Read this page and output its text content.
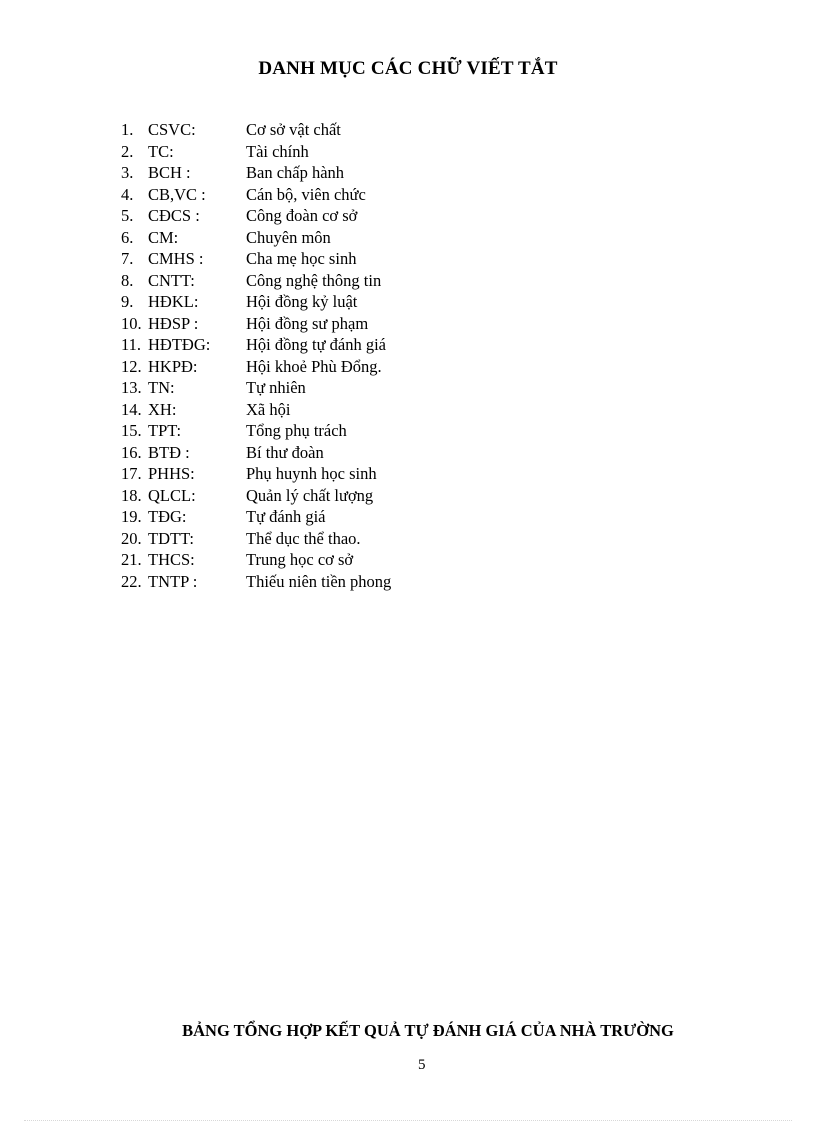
DANH MỤC CÁC CHỮ VIẾT TẮT
1. CSVC:	Cơ sở vật chất
2. TC:	Tài chính
3. BCH :	Ban chấp hành
4. CB,VC : Cán bộ, viên chức
5. CĐCS :	Công đoàn cơ sở
6. CM:	Chuyên môn
7. CMHS :	Cha mẹ học sinh
8. CNTT:	Công nghệ thông tin
9. HĐKL:	Hội đồng kỷ luật
10. HĐSP :	Hội đồng sư phạm
11. HĐTĐG: Hội đồng tự đánh giá
12. HKPĐ:	Hội khoẻ Phù Đổng.
13. TN:	Tự nhiên
14. XH:	Xã hội
15. TPT:	Tổng phụ trách
16. BTĐ :	Bí thư đoàn
17. PHHS:	Phụ huynh học sinh
18. QLCL:	Quản lý chất lượng
19. TĐG:	Tự đánh giá
20. TDTT:	Thể dục thể thao.
21. THCS:	Trung học cơ sở
22. TNTP :	Thiếu niên tiền phong
BẢNG TỔNG HỢP KẾT QUẢ TỰ ĐÁNH GIÁ CỦA NHÀ TRƯỜNG
5
